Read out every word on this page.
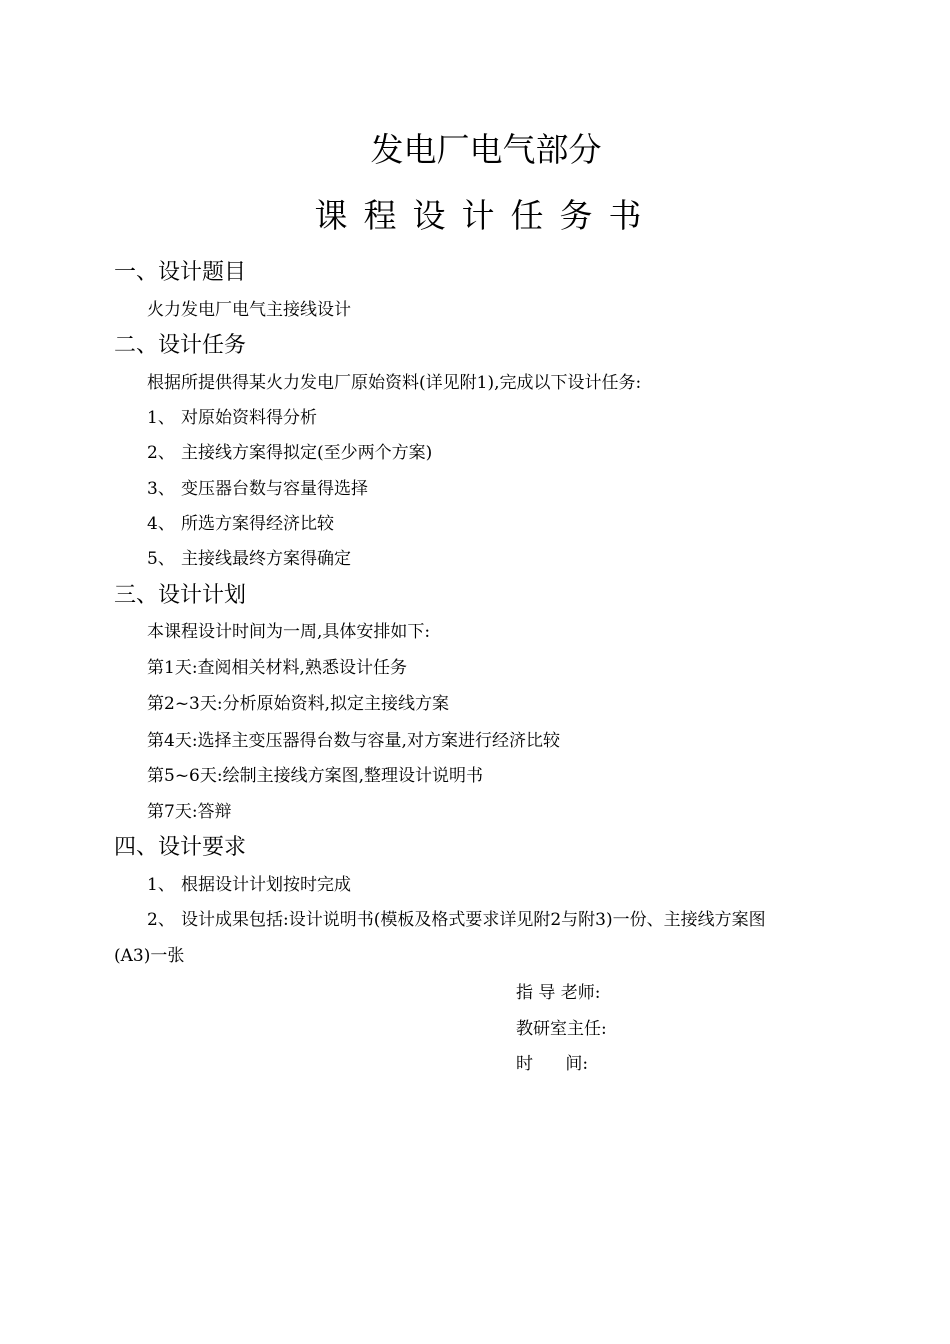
发电厂电气部分
课程设计任务书
一、设计题目
火力发电厂电气主接线设计
二、设计任务
根据所提供得某火力发电厂原始资料(详见附1),完成以下设计任务:
1、 对原始资料得分析
2、 主接线方案得拟定(至少两个方案)
3、 变压器台数与容量得选择
4、 所选方案得经济比较
5、 主接线最终方案得确定
三、设计计划
本课程设计时间为一周,具体安排如下:
第1天:查阅相关材料,熟悉设计任务
第2~3天:分析原始资料,拟定主接线方案
第4天:选择主变压器得台数与容量,对方案进行经济比较
第5~6天:绘制主接线方案图,整理设计说明书
第7天:答辩
四、设计要求
1、 根据设计计划按时完成
2、 设计成果包括:设计说明书(模板及格式要求详见附2与附3)一份、主接线方案图
(A3)一张
指 导 老师:
教研室主任:
时      间:
